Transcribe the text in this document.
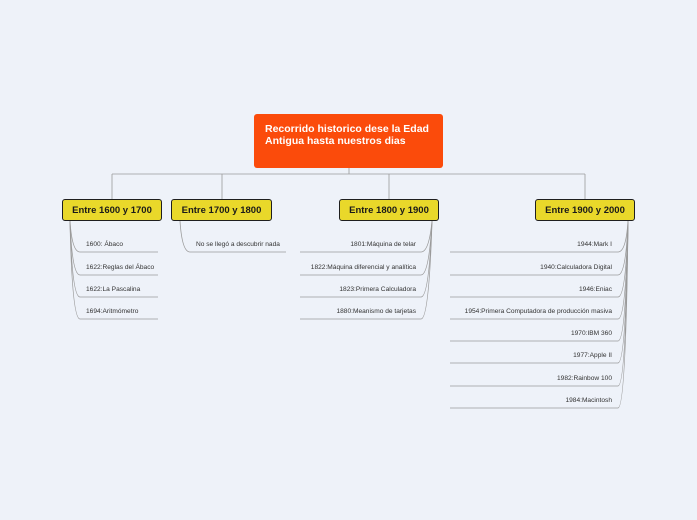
Recorrido historico dese la Edad Antigua hasta nuestros dias
Entre 1600 y 1700	Entre 1700 y 1800	Entre 1800 y 1900	Entre 1900 y 2000
1600: Ábaco
1622:Reglas del Ábaco
1622:La Pascalina
1694:Aritmómetro
No se llegó a descubrir nada	1801:Máquina de telar
1822:Máquina diferencial y analítica
1823:Primera Calculadora
1880:Meanismo de tarjetas
1944:Mark I
1940:Calculadora Digital
1946:Eniac
1954:Primera Computadora de producción masiva
1970:IBM 360
1977:Apple II
1982:Rainbow 100
1984:Macintosh
